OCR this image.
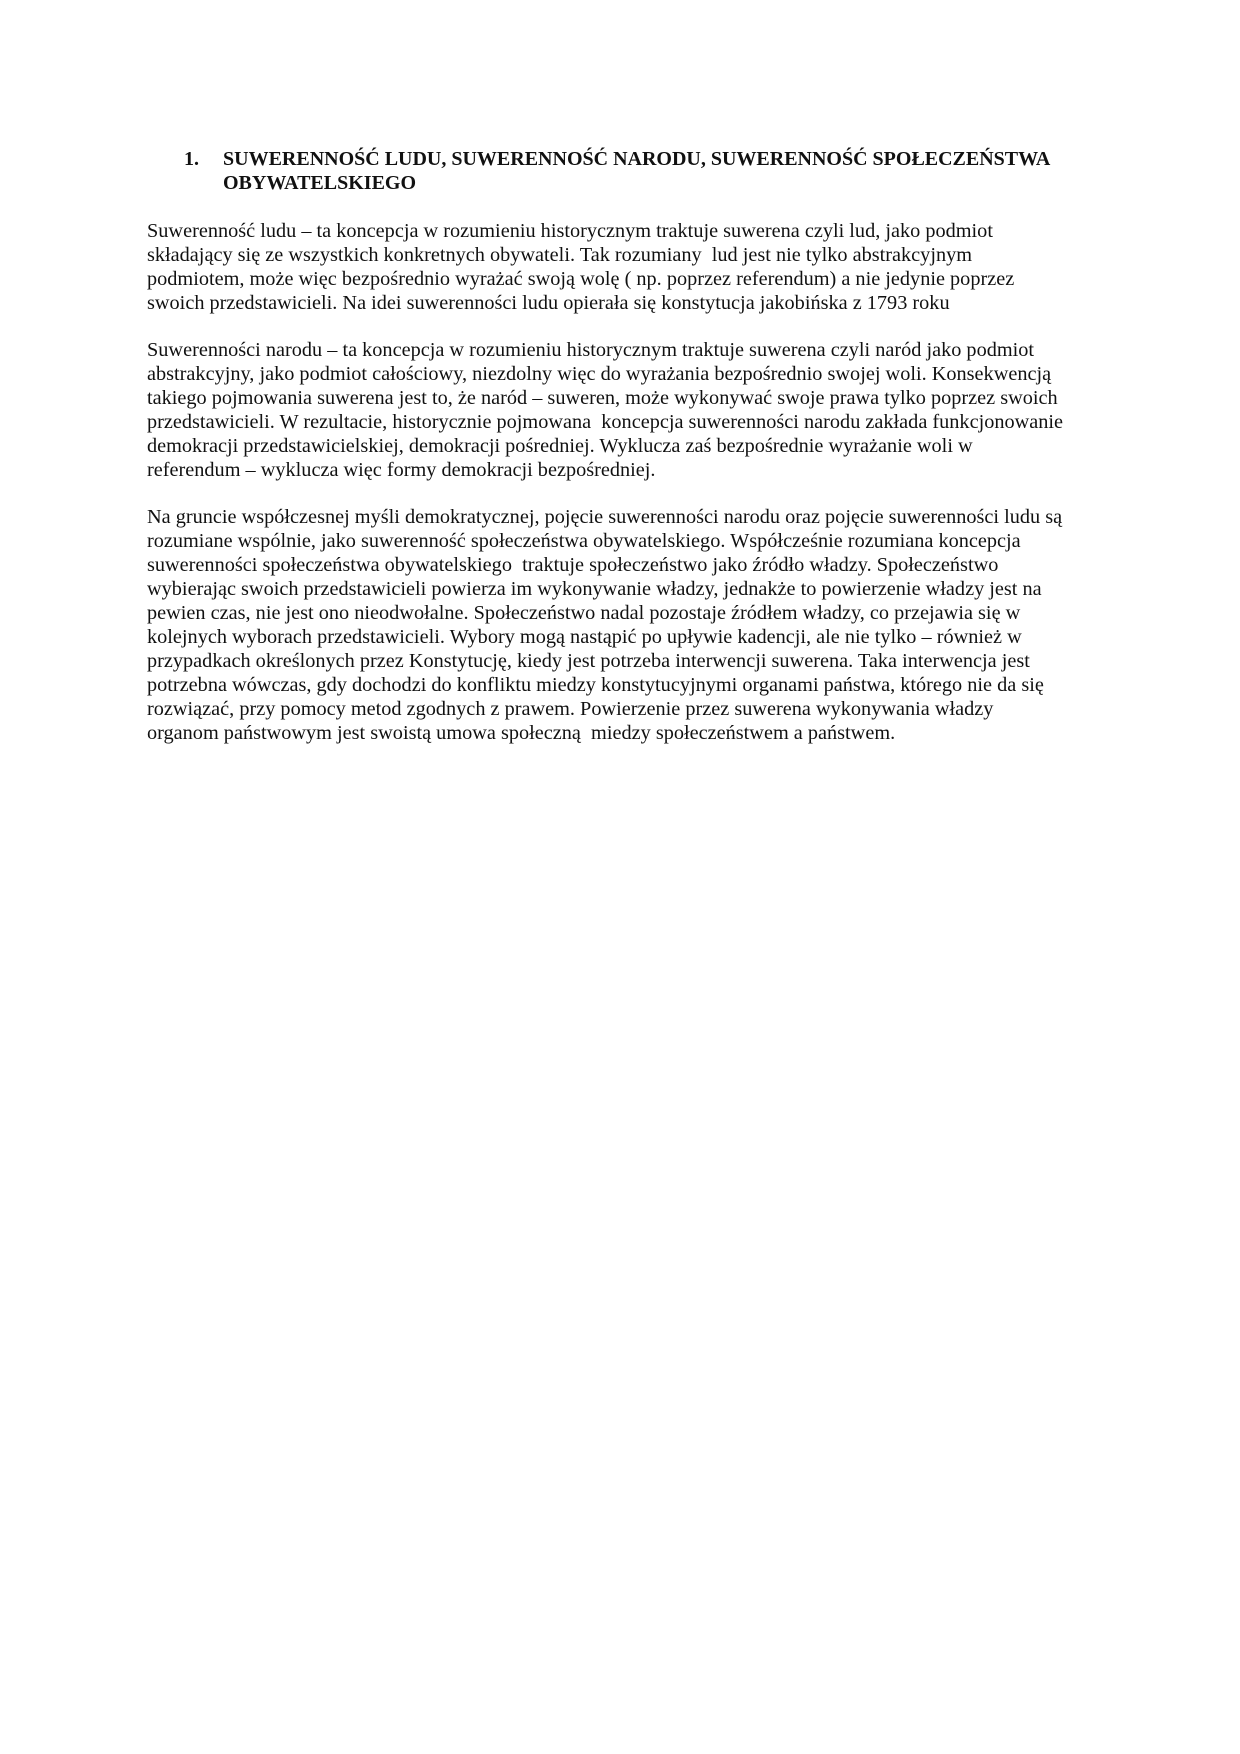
1. SUWERENNOŚĆ LUDU, SUWERENNOŚĆ NARODU, SUWERENNOŚĆ SPOŁECZEŃSTWA
OBYWATELSKIEGO
Suwerenność ludu – ta koncepcja w rozumieniu historycznym traktuje suwerena czyli lud, jako podmiot
składający się ze wszystkich konkretnych obywateli. Tak rozumiany  lud jest nie tylko abstrakcyjnym
podmiotem, może więc bezpośrednio wyrażać swoją wolę ( np. poprzez referendum) a nie jedynie poprzez
swoich przedstawicieli. Na idei suwerenności ludu opierała się konstytucja jakobińska z 1793 roku
Suwerenności narodu – ta koncepcja w rozumieniu historycznym traktuje suwerena czyli naród jako podmiot
abstrakcyjny, jako podmiot całościowy, niezdolny więc do wyrażania bezpośrednio swojej woli. Konsekwencją
takiego pojmowania suwerena jest to, że naród – suweren, może wykonywać swoje prawa tylko poprzez swoich
przedstawicieli. W rezultacie, historycznie pojmowana  koncepcja suwerenności narodu zakłada funkcjonowanie
demokracji przedstawicielskiej, demokracji pośredniej. Wyklucza zaś bezpośrednie wyrażanie woli w
referendum – wyklucza więc formy demokracji bezpośredniej.
Na gruncie współczesnej myśli demokratycznej, pojęcie suwerenności narodu oraz pojęcie suwerenności ludu są
rozumiane wspólnie, jako suwerenność społeczeństwa obywatelskiego. Współcześnie rozumiana koncepcja
suwerenności społeczeństwa obywatelskiego  traktuje społeczeństwo jako źródło władzy. Społeczeństwo
wybierając swoich przedstawicieli powierza im wykonywanie władzy, jednakże to powierzenie władzy jest na
pewien czas, nie jest ono nieodwołalne. Społeczeństwo nadal pozostaje źródłem władzy, co przejawia się w
kolejnych wyborach przedstawicieli. Wybory mogą nastąpić po upływie kadencji, ale nie tylko – również w
przypadkach określonych przez Konstytucję, kiedy jest potrzeba interwencji suwerena. Taka interwencja jest
potrzebna wówczas, gdy dochodzi do konfliktu miedzy konstytucyjnymi organami państwa, którego nie da się
rozwiązać, przy pomocy metod zgodnych z prawem. Powierzenie przez suwerena wykonywania władzy
organom państwowym jest swoistą umowa społeczną  miedzy społeczeństwem a państwem.
